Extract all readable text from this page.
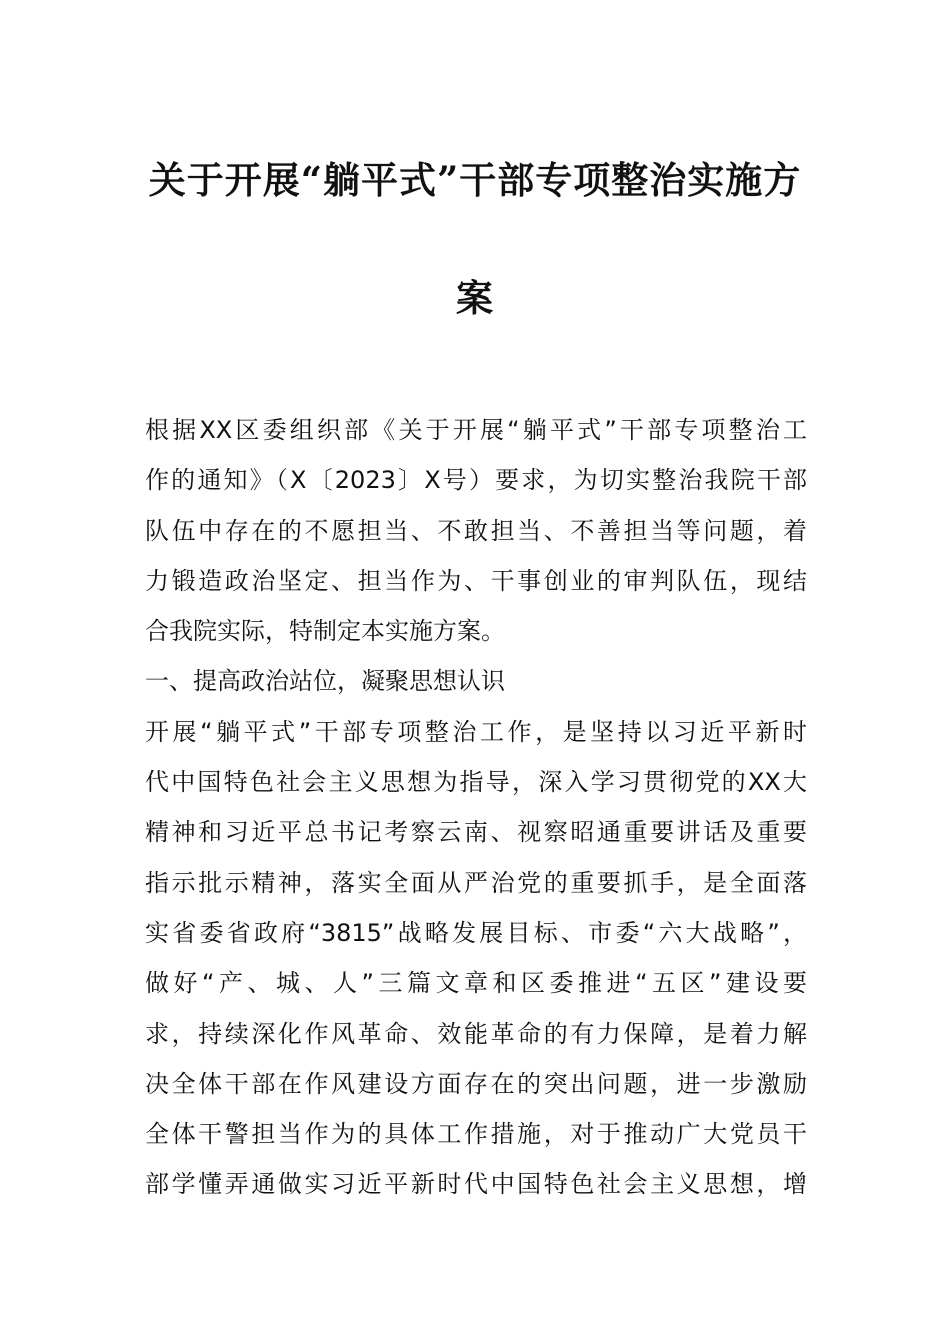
关于开展“躺平式”干部专项整治实施方
案
根据XX区委组织部《关于开展“躺平式”干部专项整治工
作的通知》（X〔2023〕X号）要求，为切实整治我院干部
队伍中存在的不愿担当、不敢担当、不善担当等问题，着
力锻造政治坚定、担当作为、干事创业的审判队伍，现结
合我院实际，特制定本实施方案。
一、提高政治站位，凝聚思想认识
开展“躺平式”干部专项整治工作，是坚持以习近平新时
代中国特色社会主义思想为指导，深入学习贯彻党的XX大
精神和习近平总书记考察云南、视察昭通重要讲话及重要
指示批示精神，落实全面从严治党的重要抓手，是全面落
实省委省政府“3815”战略发展目标、市委“六大战略”，
做好“产、城、人”三篇文章和区委推进“五区”建设要
求，持续深化作风革命、效能革命的有力保障，是着力解
决全体干部在作风建设方面存在的突出问题，进一步激励
全体干警担当作为的具体工作措施，对于推动广大党员干
部学懂弄通做实习近平新时代中国特色社会主义思想，增
